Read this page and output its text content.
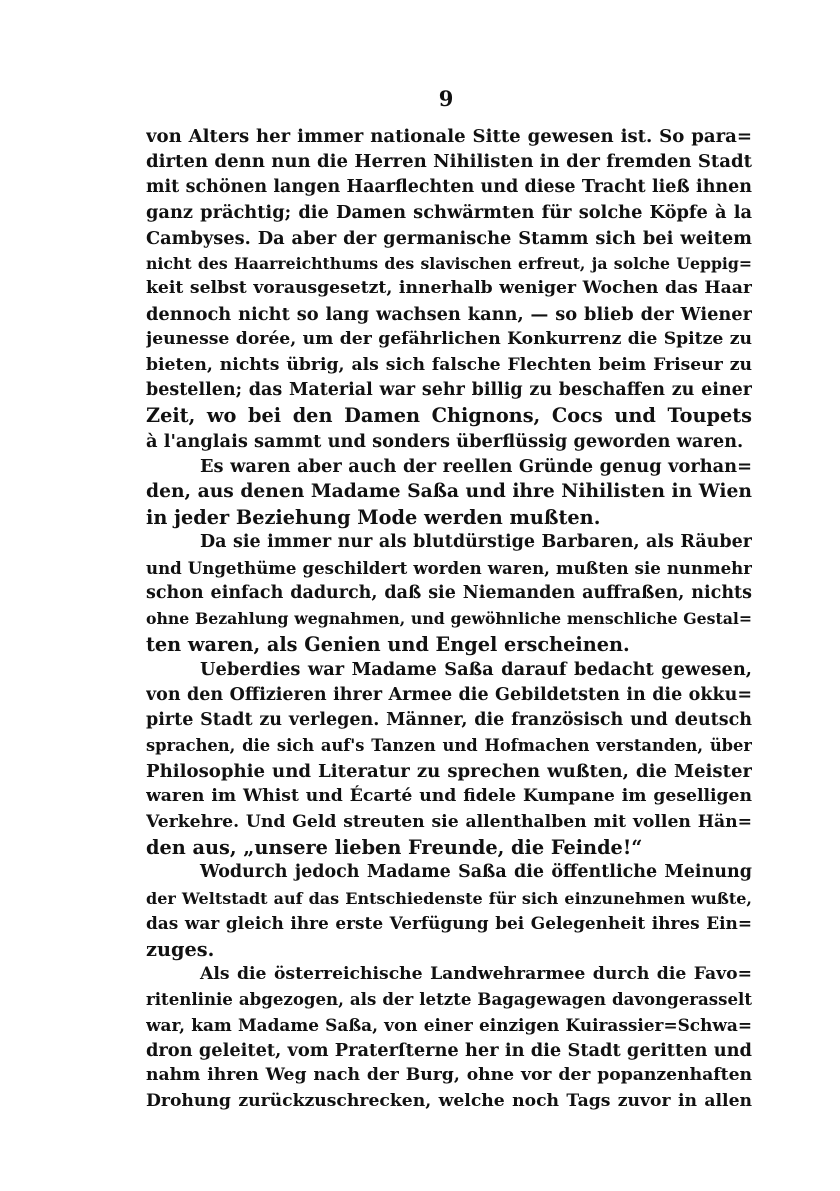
9
von Alters her immer nationale Sitte gewesen ist. So para=
dirten denn nun die Herren Nihilisten in der fremden Stadt
mit schönen langen Haarflechten und diese Tracht ließ ihnen
ganz prächtig; die Damen schwärmten für solche Köpfe à la
Cambyses. Da aber der germanische Stamm sich bei weitem
nicht des Haarreichthums des slavischen erfreut, ja solche Ueppig=
keit selbst vorausgesetzt, innerhalb weniger Wochen das Haar
dennoch nicht so lang wachsen kann, — so blieb der Wiener
jeunesse dorée, um der gefährlichen Konkurrenz die Spitze zu
bieten, nichts übrig, als sich falsche Flechten beim Friseur zu
bestellen; das Material war sehr billig zu beschaffen zu einer
Zeit, wo bei den Damen Chignons, Cocs und Toupets
à l'anglais sammt und sonders überflüssig geworden waren.
Es waren aber auch der reellen Gründe genug vorhan=
den, aus denen Madame Saßa und ihre Nihilisten in Wien
in jeder Beziehung Mode werden mußten.
Da sie immer nur als blutdürstige Barbaren, als Räuber
und Ungethüme geschildert worden waren, mußten sie nunmehr
schon einfach dadurch, daß sie Niemanden auffraßen, nichts
ohne Bezahlung wegnahmen, und gewöhnliche menschliche Gestal=
ten waren, als Genien und Engel erscheinen.
Ueberdies war Madame Saßa darauf bedacht gewesen,
von den Offizieren ihrer Armee die Gebildetsten in die okku=
pirte Stadt zu verlegen. Männer, die französisch und deutsch
sprachen, die sich auf's Tanzen und Hofmachen verstanden, über
Philosophie und Literatur zu sprechen wußten, die Meister
waren im Whist und Écarté und fidele Kumpane im geselligen
Verkehre. Und Geld streuten sie allenthalben mit vollen Hän=
den aus, „unsere lieben Freunde, die Feinde!“
Wodurch jedoch Madame Saßa die öffentliche Meinung
der Weltstadt auf das Entschiedenste für sich einzunehmen wußte,
das war gleich ihre erste Verfügung bei Gelegenheit ihres Ein=
zuges.
Als die österreichische Landwehrarmee durch die Favo=
ritenlinie abgezogen, als der letzte Bagagewagen davongerasselt
war, kam Madame Saßa, von einer einzigen Kuirassier=Schwa=
dron geleitet, vom Praterſterne her in die Stadt geritten und
nahm ihren Weg nach der Burg, ohne vor der popanzenhaften
Drohung zurückzuschrecken, welche noch Tags zuvor in allen
